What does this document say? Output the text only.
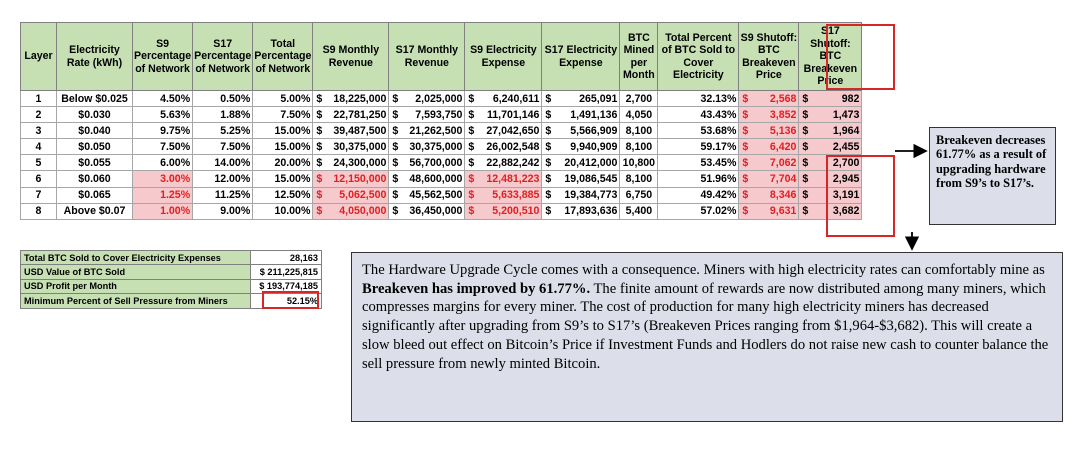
Layer	Electricity Rate (kWh)	S9 Percentage of Network	S17 Percentage of Network	Total Percentage of Network	S9 Monthly Revenue	S17 Monthly Revenue	S9 Electricity Expense	S17 Electricity Expense	BTC Mined per Month	Total Percent of BTC Sold to Cover Electricity	S9 Shutoff: BTC Breakeven Price	S17 Shutoff: BTC Breakeven Price
1	Below $0.025	4.50%	0.50%	5.00%	$ 18,225,000	$ 2,025,000	$ 6,240,611	$ 265,091	2,700	32.13%	$ 2,568	$ 982

2	$0.030	5.63%	1.88%	7.50%	$ 22,781,250	$ 7,593,750	$ 11,701,146	$ 1,491,136	4,050	43.43%	$ 3,852	$ 1,473

3	$0.040	9.75%	5.25%	15.00%	$ 39,487,500	$ 21,262,500	$ 27,042,650	$ 5,566,909	8,100	53.68%	$ 5,136	$ 1,964

4	$0.050	7.50%	7.50%	15.00%	$ 30,375,000	$ 30,375,000	$ 26,002,548	$ 9,940,909	8,100	59.17%	$ 6,420	$ 2,455

5	$0.055	6.00%	14.00%	20.00%	$ 24,300,000	$ 56,700,000	$ 22,882,242	$ 20,412,000	10,800	53.45%	$ 7,062	$ 2,700

6	$0.060	3.00%	12.00%	15.00%	$ 12,150,000	$ 48,600,000	$ 12,481,223	$ 19,086,545	8,100	51.96%	$ 7,704	$ 2,945

7	$0.065	1.25%	11.25%	12.50%	$ 5,062,500	$ 45,562,500	$ 5,633,885	$ 19,384,773	6,750	49.42%	$ 8,346	$ 3,191

8	Above $0.07	1.00%	9.00%	10.00%	$ 4,050,000	$ 36,450,000	$ 5,200,510	$ 17,893,636	5,400	57.02%	$ 9,631	$ 3,682
Total BTC Sold to Cover Electricity Expenses	28,163
USD Value of BTC Sold	$ 211,225,815
USD Profit per Month	$ 193,774,185
Minimum Percent of Sell Pressure from Miners	52.15%
Breakeven decreases 61.77% as a result of upgrading hardware from S9’s to S17’s.
The Hardware Upgrade Cycle comes with a consequence. Miners with high electricity rates can comfortably mine as Breakeven has improved by 61.77%. The finite amount of rewards are now distributed among many miners, which compresses margins for every miner. The cost of production for many high electricity miners has decreased significantly after upgrading from S9’s to S17’s (Breakeven Prices ranging from $1,964-$3,682). This will create a slow bleed out effect on Bitcoin’s Price if Investment Funds and Hodlers do not raise new cash to counter balance the sell pressure from newly minted Bitcoin.
